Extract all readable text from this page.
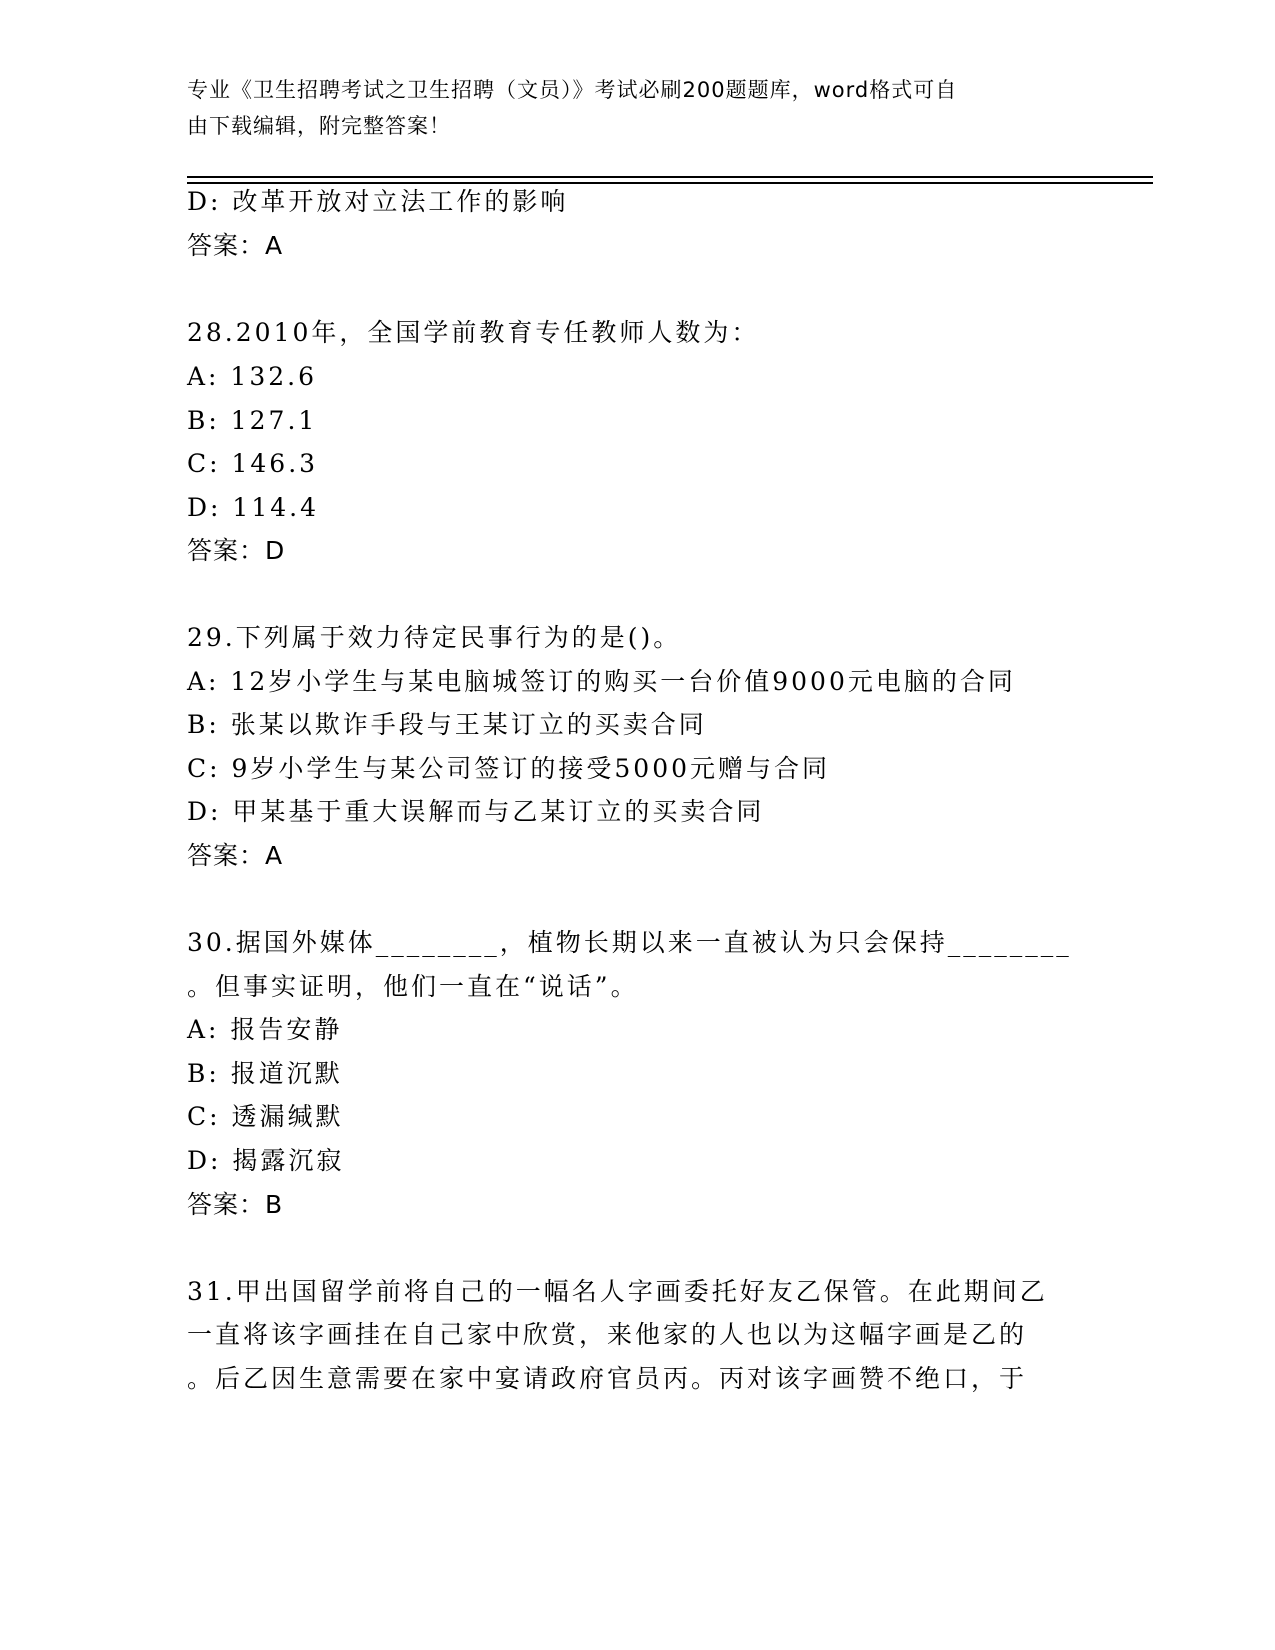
专业《卫生招聘考试之卫生招聘（文员）》考试必刷200题题库，word格式可自
由下载编辑，附完整答案！
D: 改革开放对立法工作的影响
答案：A
28.2010年，全国学前教育专任教师人数为：
A: 132.6
B: 127.1
C: 146.3
D: 114.4
答案：D
29.下列属于效力待定民事行为的是()。
A: 12岁小学生与某电脑城签订的购买一台价值9000元电脑的合同
B: 张某以欺诈手段与王某订立的买卖合同
C: 9岁小学生与某公司签订的接受5000元赠与合同
D: 甲某基于重大误解而与乙某订立的买卖合同
答案：A
30.据国外媒体________，植物长期以来一直被认为只会保持________
。但事实证明，他们一直在“说话”。
A: 报告安静
B: 报道沉默
C: 透漏缄默
D: 揭露沉寂
答案：B
31.甲出国留学前将自己的一幅名人字画委托好友乙保管。在此期间乙
一直将该字画挂在自己家中欣赏，来他家的人也以为这幅字画是乙的
。后乙因生意需要在家中宴请政府官员丙。丙对该字画赞不绝口，于
